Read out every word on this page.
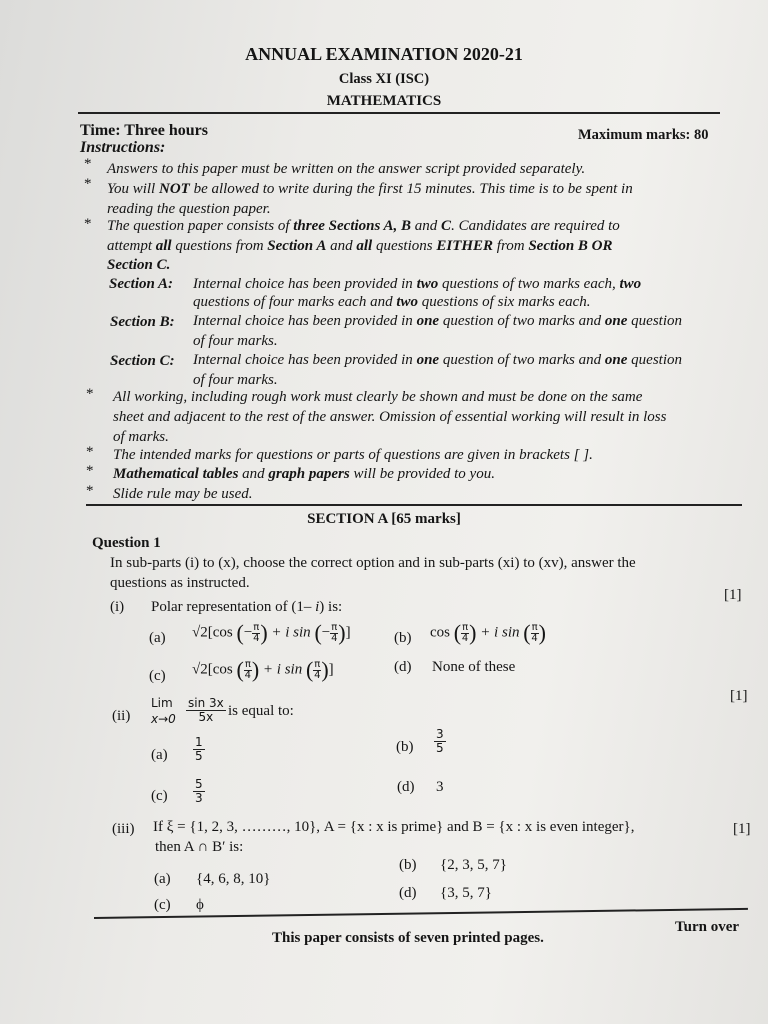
ANNUAL EXAMINATION 2020-21
Class XI (ISC)
MATHEMATICS
Time: Three hours	Maximum marks: 80
Instructions:
* Answers to this paper must be written on the answer script provided separately.
* You will NOT be allowed to write during the first 15 minutes. This time is to be spent in
reading the question paper.
* The question paper consists of three Sections A, B and C. Candidates are required to
attempt all questions from Section A and all questions EITHER from Section B OR
Section C.
Section A: Internal choice has been provided in two questions of two marks each, two
questions of four marks each and two questions of six marks each.
Section B: Internal choice has been provided in one question of two marks and one question
of four marks.
Section C: Internal choice has been provided in one question of two marks and one question
of four marks.
* All working, including rough work must clearly be shown and must be done on the same
sheet and adjacent to the rest of the answer. Omission of essential working will result in loss
of marks.
* The intended marks for questions or parts of questions are given in brackets [ ].
* Mathematical tables and graph papers will be provided to you.
* Slide rule may be used.
SECTION A [65 marks]
Question 1
In sub-parts (i) to (x), choose the correct option and in sub-parts (xi) to (xv), answer the
questions as instructed.
(i) Polar representation of (1– i) is:
[1]
(a) √2[cos (− $\frac{\pi}{4}$ ) + i sin (− $\frac{\pi}{4}$ )]	(b) cos ( $\frac{\pi}{4}$ ) + i sin ( $\frac{\pi}{4}$ )
(c) √2[cos ( $\frac{\pi}{4}$ ) + i sin ( $\frac{\pi}{4}$ )]	(d) None of these
(ii)
Lim
$x\to 0 \frac{\sin 3x}{5x}$ is equal to:
[1]
$(a) \frac{1}{5}$	$(b) \frac{3}{5}$
$(c) \frac{5}{3}$	(d) 3
(iii) If ξ = {1, 2, 3, ………, 10}, A = {x : x is prime} and B = {x : x is even integer},
then A ∩ B′ is:
[1]
(a) {4, 6, 8, 10}
(b) {2, 3, 5, 7}
(c) ϕ
(d) {3, 5, 7}
This paper consists of seven printed pages.
Turn over
